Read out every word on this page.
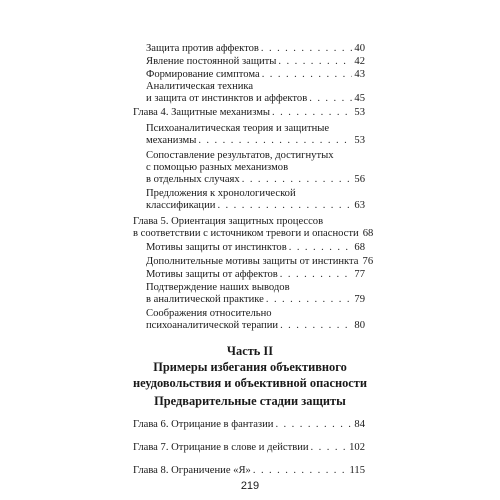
Защита против аффектов . . .	40
Явление постоянной защиты . . .	42
Формирование симптома . . .	43
Аналитическая техника
и защита от инстинктов и аффектов . . .	45
Глава 4. Защитные механизмы . . .	53
Психоаналитическая теория и защитные
механизмы . . .	53
Сопоставление результатов, достигнутых
с помощью разных механизмов
в отдельных случаях . . .	56
Предложения к хронологической
классификации . . .	63
Глава 5. Ориентация защитных процессов
в соответствии с источником тревоги и опасности 68
Мотивы защиты от инстинктов . . .	68
Дополнительные мотивы защиты от инстинкта 76
Мотивы защиты от аффектов . . .	77
Подтверждение наших выводов
в аналитической практике . . .	79
Соображения относительно
психоаналитической терапии . . .	80
Часть II
Примеры избегания объективного
неудовольствия и объективной опасности
Предварительные стадии защиты
Глава 6. Отрицание в фантазии . . .	84
Глава 7. Отрицание в слове и действии . . .	102
Глава 8. Ограничение «Я» . . .	115
219
